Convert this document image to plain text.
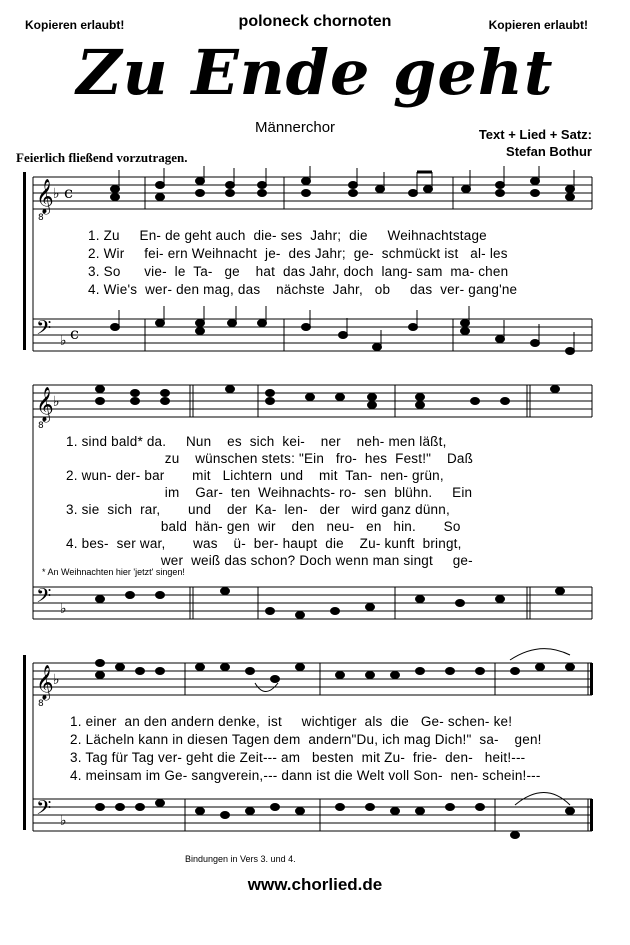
Kopieren erlaubt!	poloneck chornoten	Kopieren erlaubt!
Zu Ende geht
Männerchor	Text + Lied + Satz:
Stefan Bothur
Feierlich fließend vorzutragen.
𝄞
8
♭ c
𝄢 ♭ c
𝄞
8
♭
𝄢 ♭
𝄞
8
♭
𝄢 ♭
1. Zu     En- de geht auch  die- ses  Jahr;  die     Weihnachtstage
2. Wir     fei- ern Weihnacht  je-  des Jahr;  ge-  schmückt ist   al- les
3. So      vie-  le  Ta-   ge    hat  das Jahr, doch  lang- sam  ma- chen
4. Wie's  wer- den mag, das    nächste  Jahr,   ob     das  ver- gang'ne
1. sind bald* da.     Nun    es  sich  kei-    ner    neh- men läßt,
zu    wünschen stets: "Ein   fro-  hes  Fest!"    Daß
2. wun- der- bar       mit   Lichtern  und    mit  Tan-  nen- grün,
im    Gar-  ten  Weihnachts- ro-  sen  blühn.     Ein
3. sie  sich  rar,       und    der  Ka-  len-   der   wird ganz dünn,
bald  hän- gen  wir    den   neu-   en   hin.       So
4. bes-  ser war,       was    ü-  ber- haupt  die    Zu- kunft  bringt,
wer  weiß das schon? Doch wenn man singt     ge-
* An Weihnachten hier 'jetzt' singen!
1. einer  an den andern denke,  ist     wichtiger  als  die   Ge- schen- ke!
2. Lächeln kann in diesen Tagen dem  andern"Du, ich mag Dich!"  sa-    gen!
3. Tag für Tag ver- geht die Zeit--- am   besten  mit Zu-  frie-  den-   heit!---
4. meinsam im Ge- sangverein,--- dann ist die Welt voll Son-  nen- schein!---
Bindungen in Vers 3. und 4.
www.chorlied.de
